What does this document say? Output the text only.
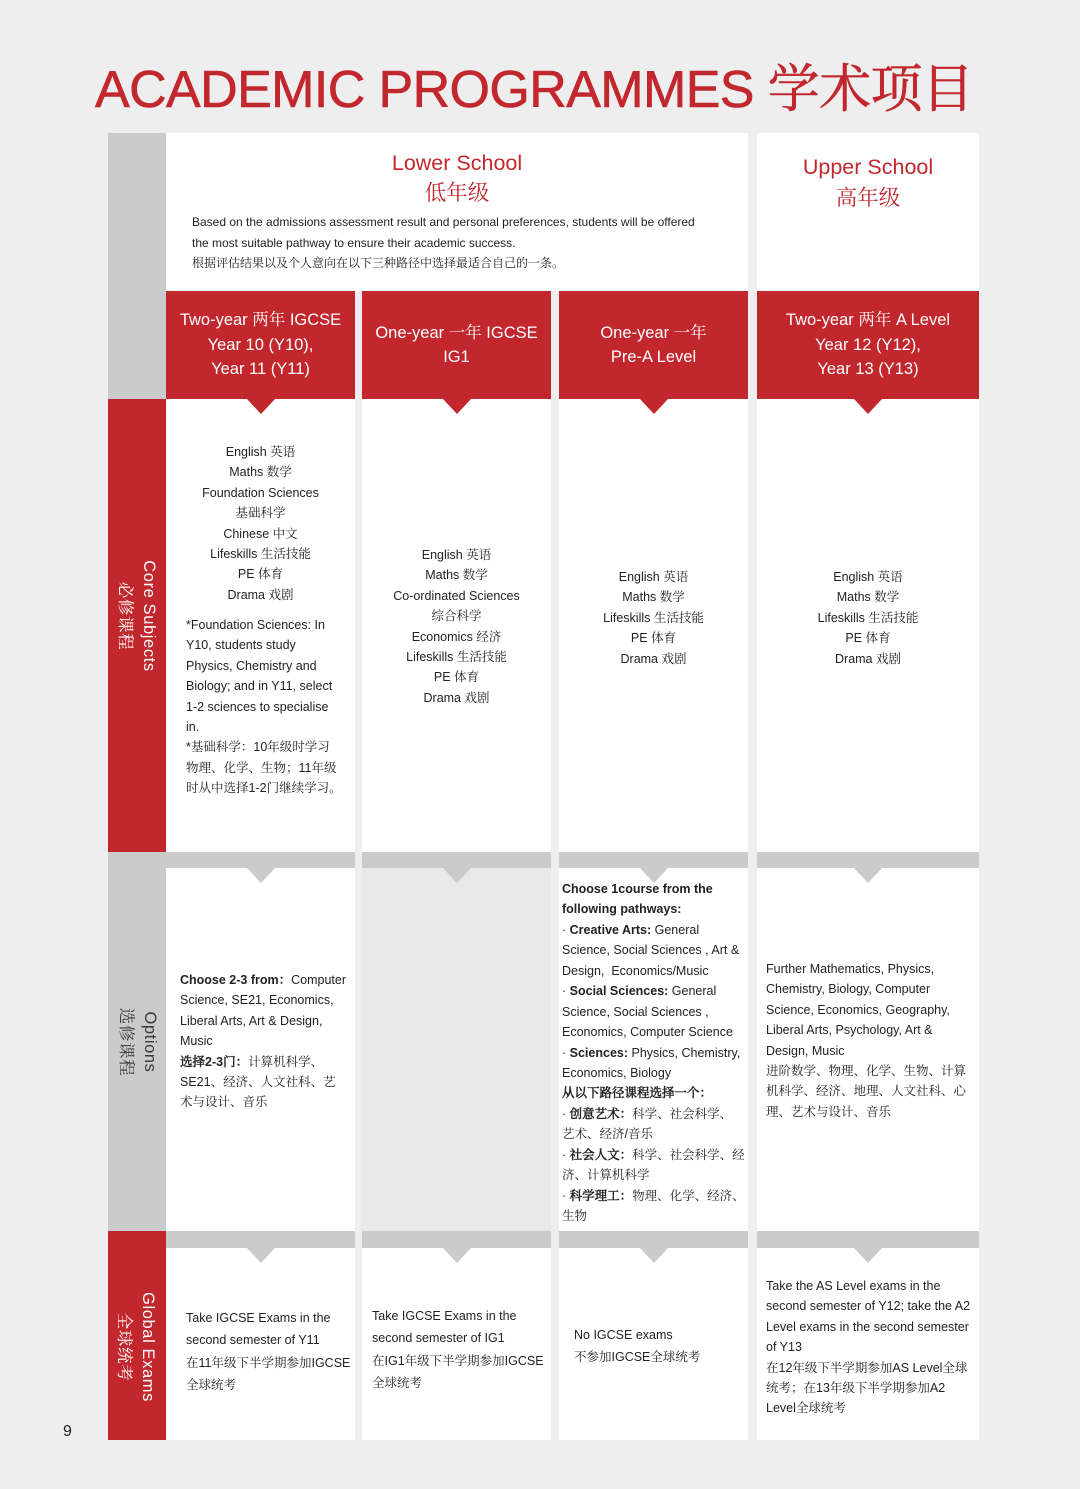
ACADEMIC PROGRAMMES 学术项目
Lower School
低年级
Based on the admissions assessment result and personal preferences, students will be offered
the most suitable pathway to ensure their academic success.
根据评估结果以及个人意向在以下三种路径中选择最适合自己的一条。
Upper School
高年级
Two-year 两年 IGCSE
Year 10 (Y10),
Year 11 (Y11)
One-year 一年 IGCSE
IG1
One-year 一年
Pre-A Level
Two-year 两年 A Level
Year 12 (Y12),
Year 13 (Y13)
English 英语
Maths 数学
Foundation Sciences
基础科学
Chinese 中文
Lifeskills 生活技能
PE 体育
Drama 戏剧
*Foundation Sciences: In
Y10, students study
Physics, Chemistry and
Biology; and in Y11, select
1-2 sciences to specialise
in.
*基础科学：10年级时学习
物理、化学、生物；11年级
时从中选择1-2门继续学习。
English 英语
Maths 数学
Co-ordinated Sciences
综合科学
Economics 经济
Lifeskills 生活技能
PE 体育
Drama 戏剧
English 英语
Maths 数学
Lifeskills 生活技能
PE 体育
Drama 戏剧
English 英语
Maths 数学
Lifeskills 生活技能
PE 体育
Drama 戏剧
Choose 2-3 from：Computer
Science, SE21, Economics,
Liberal Arts, Art & Design,
Music
选择2-3门：计算机科学、
SE21、经济、人文社科、艺
术与设计、音乐
Choose 1course from the
following pathways:
· Creative Arts: General
Science, Social Sciences , Art &
Design,  Economics/Music
· Social Sciences: General
Science, Social Sciences ,
Economics, Computer Science
· Sciences: Physics, Chemistry,
Economics, Biology
从以下路径课程选择一个：
· 创意艺术：科学、社会科学、
艺术、经济/音乐
· 社会人文：科学、社会科学、经
济、计算机科学
· 科学理工：物理、化学、经济、
生物
Further Mathematics, Physics,
Chemistry, Biology, Computer
Science, Economics, Geography,
Liberal Arts, Psychology, Art &
Design, Music
进阶数学、物理、化学、生物、计算
机科学、经济、地理、人文社科、心
理、艺术与设计、音乐
Take IGCSE Exams in the
second semester of Y11
在11年级下半学期参加IGCSE
全球统考
Take IGCSE Exams in the
second semester of IG1
在IG1年级下半学期参加IGCSE
全球统考
No IGCSE exams
不参加IGCSE全球统考
Take the AS Level exams in the
second semester of Y12; take the A2
Level exams in the second semester
of Y13
在12年级下半学期参加AS Level全球
统考；在13年级下半学期参加A2
Level全球统考
Core Subjects
必修课程
Options
选修课程
Global Exams
全球统考
9
